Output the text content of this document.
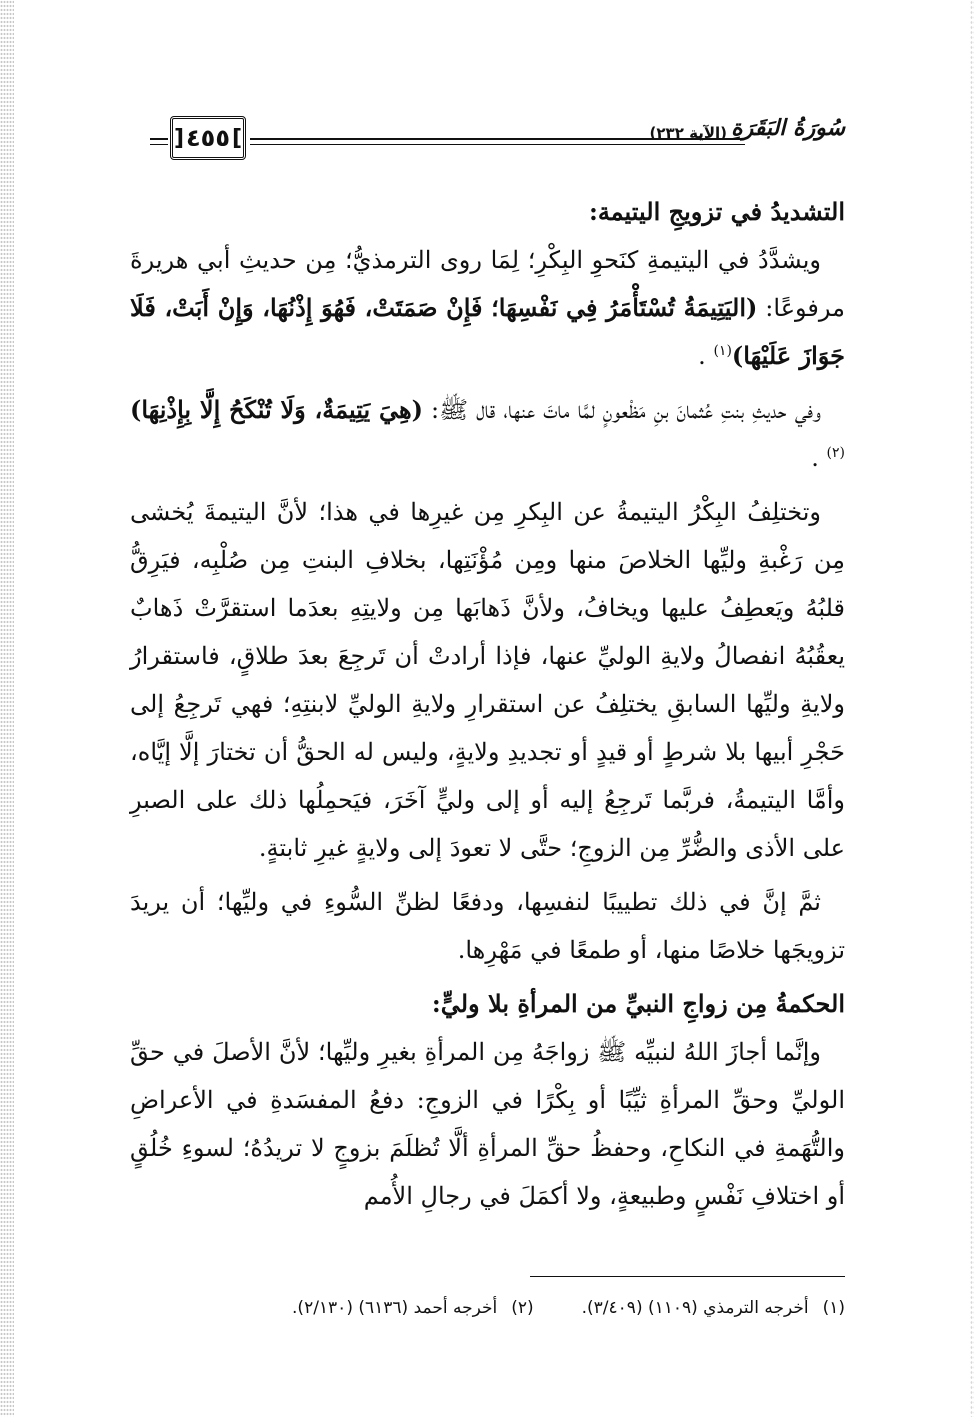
سُورَةُ البَقَرَةِ
(الآية ٢٣٢)
]
٤٥٥
[

التشديدُ في تزويجِ اليتيمة:

ويشدَّدُ في اليتيمةِ كنَحوِ البِكْرِ؛ لِمَا روى الترمذيُّ؛ مِن حديثِ أبي هريرةَ مرفوعًا: (اليَتِيمَةُ تُسْتَأْمَرُ فِي نَفْسِهَا؛ فَإِنْ صَمَتَتْ، فَهُوَ إِذْنُهَا، وَإِنْ أَبَتْ، فَلَا جَوَازَ عَلَيْهَا)$^{(١)}$ .

وفي حديثِ بنتِ عُثمانَ بنِ مَظْعونٍ لمَّا ماتَ عنها، قال ﷺ: (هِيَ يَتِيمَةٌ، وَلَا تُنْكَحُ إِلَّا بِإِذْنِهَا)$^{(٢)}$ .

وتختلِفُ البِكْرُ اليتيمةُ عن البِكرِ مِن غيرِها في هذا؛ لأنَّ اليتيمةَ يُخشى مِن رَغْبةِ وليِّها الخلاصَ منها ومِن مُؤْنَتِها، بخلافِ البنتِ مِن صُلْبِه، فيَرِقُّ قلبُهُ ويَعطِفُ عليها ويخافُ، ولأنَّ ذَهابَها مِن ولايتِهِ بعدَما استقرَّتْ ذَهابٌ يعقُبُهُ انفصالُ ولايةِ الوليِّ عنها، فإذا أرادتْ أن تَرجِعَ بعدَ طلاقٍ، فاستقرارُ ولايةِ وليِّها السابقِ يختلِفُ عن استقرارِ ولايةِ الوليِّ لابنتِهِ؛ فهي تَرجِعُ إلى حَجْرِ أبيها بلا شرطٍ أو قيدٍ أو تجديدِ ولايةٍ، وليس له الحقُّ أن تختارَ إلَّا إيَّاه، وأمَّا اليتيمةُ، فربَّما تَرجِعُ إليه أو إلى وليٍّ آخَرَ، فيَحمِلُها ذلك على الصبرِ على الأذى والضُّرِّ مِن الزوجِ؛ حتَّى لا تعودَ إلى ولايةٍ غيرِ ثابتةٍ.

ثمَّ إنَّ في ذلك تطييبًا لنفسِها، ودفعًا لظنِّ السُّوءِ في وليِّها؛ أن يريدَ تزويجَها خلاصًا منها، أو طمعًا في مَهْرِها.

الحكمةُ مِن زواجِ النبيِّ من المرأةِ بلا وليٍّ:

وإنَّما أجازَ اللهُ لنبيِّه ﷺ زواجَهُ مِن المرأةِ بغيرِ وليِّها؛ لأنَّ الأصلَ في حقِّ الوليِّ وحقِّ المرأةِ ثيِّبًا أو بِكْرًا في الزوجِ: دفعُ المفسَدةِ في الأعراضِ والتُّهَمةِ في النكاحِ، وحفظُ حقِّ المرأةِ ألَّا تُظلَمَ بزوجٍ لا تريدُهُ؛ لسوءِ خُلُقٍ أو اختلافِ نَفْسٍ وطبيعةٍ، ولا أكمَلَ في رجالِ الأُمم

(١)أخرجه الترمذي (١١٠٩) (٣/٤٠٩).
(٢)أخرجه أحمد (٦١٣٦) (٢/١٣٠).
